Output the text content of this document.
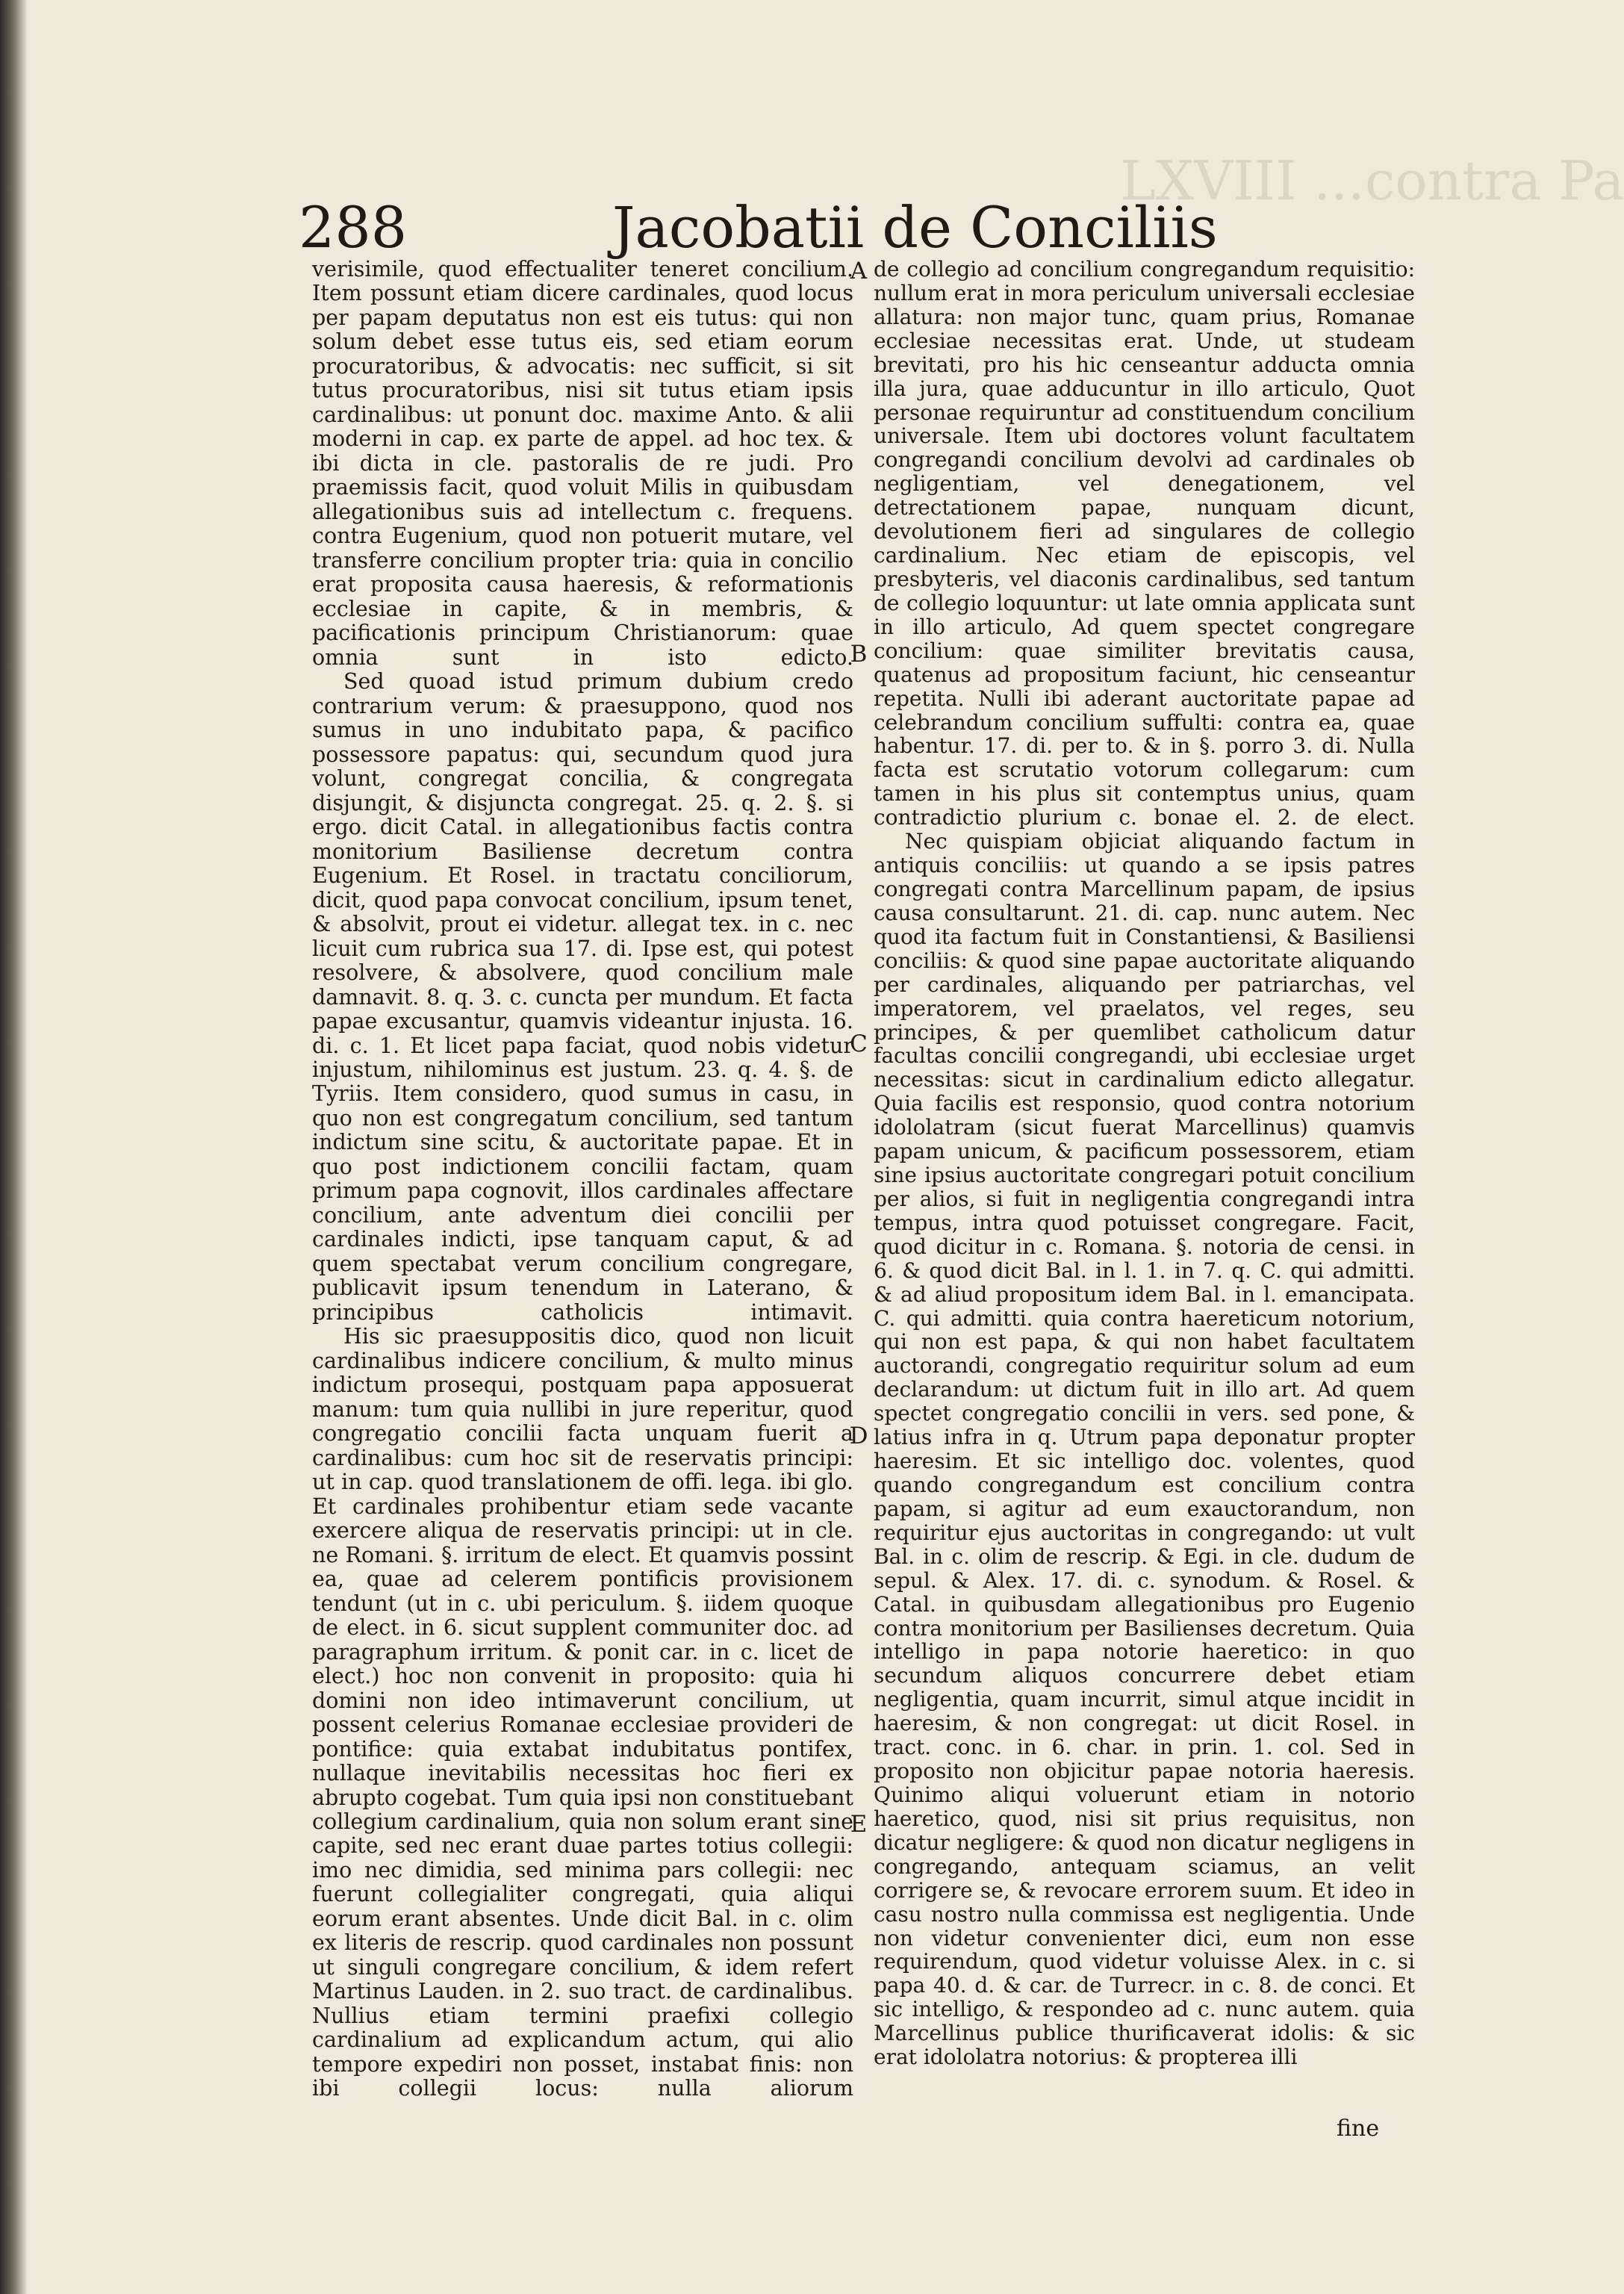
LXVIII ...contra Pa
288	Jacobatii de Conciliis

verisimile, quod effectualiter teneret concilium. Item possunt etiam dicere cardinales, quod locus per papam deputatus non est eis tutus: qui non solum debet esse tutus eis, sed etiam eorum procuratoribus, & advocatis: nec sufficit, si sit tutus procuratoribus, nisi sit tutus etiam ipsis cardinalibus: ut ponunt doc. maxime Anto. & alii moderni in cap. ex parte de appel. ad hoc tex. & ibi dicta in cle. pastoralis de re judi. Pro praemissis facit, quod voluit Milis in quibusdam allegationibus suis ad intellectum c. frequens. contra Eugenium, quod non potuerit mutare, vel transferre concilium propter tria: quia in concilio erat proposita causa haeresis, & reformationis ecclesiae in capite, & in membris, & pacificationis principum Christianorum: quae omnia sunt in isto edicto.

Sed quoad istud primum dubium credo contrarium verum: & praesuppono, quod nos sumus in uno indubitato papa, & pacifico possessore papatus: qui, secundum quod jura volunt, congregat concilia, & congregata disjungit, & disjuncta congregat. 25. q. 2. §. si ergo. dicit Catal. in allegationibus factis contra monitorium Basiliense decretum contra Eugenium. Et Rosel. in tractatu conciliorum, dicit, quod papa convocat concilium, ipsum tenet, & absolvit, prout ei videtur. allegat tex. in c. nec licuit cum rubrica sua 17. di. Ipse est, qui potest resolvere, & absolvere, quod concilium male damnavit. 8. q. 3. c. cuncta per mundum. Et facta papae excusantur, quamvis videantur injusta. 16. di. c. 1. Et licet papa faciat, quod nobis videtur injustum, nihilominus est justum. 23. q. 4. §. de Tyriis. Item considero, quod sumus in casu, in quo non est congregatum concilium, sed tantum indictum sine scitu, & auctoritate papae. Et in quo post indictionem concilii factam, quam primum papa cognovit, illos cardinales affectare concilium, ante adventum diei concilii per cardinales indicti, ipse tanquam caput, & ad quem spectabat verum concilium congregare, publicavit ipsum tenendum in Laterano, & principibus catholicis intimavit.

His sic praesuppositis dico, quod non licuit cardinalibus indicere concilium, & multo minus indictum prosequi, postquam papa apposuerat manum: tum quia nullibi in jure reperitur, quod congregatio concilii facta unquam fuerit a cardinalibus: cum hoc sit de reservatis principi: ut in cap. quod translationem de offi. lega. ibi glo. Et cardinales prohibentur etiam sede vacante exercere aliqua de reservatis principi: ut in cle. ne Romani. §. irritum de elect. Et quamvis possint ea, quae ad celerem pontificis provisionem tendunt (ut in c. ubi periculum. §. iidem quoque de elect. in 6. sicut supplent communiter doc. ad paragraphum irritum. & ponit car. in c. licet de elect.) hoc non convenit in proposito: quia hi domini non ideo intimaverunt concilium, ut possent celerius Romanae ecclesiae provideri de pontifice: quia extabat indubitatus pontifex, nullaque inevitabilis necessitas hoc fieri ex abrupto cogebat. Tum quia ipsi non constituebant collegium cardinalium, quia non solum erant sine capite, sed nec erant duae partes totius collegii: imo nec dimidia, sed minima pars collegii: nec fuerunt collegialiter congregati, quia aliqui eorum erant absentes. Unde dicit Bal. in c. olim ex literis de rescrip. quod cardinales non possunt ut singuli congregare concilium, & idem refert Martinus Lauden. in 2. suo tract. de cardinalibus. Nullius etiam termini praefixi collegio cardinalium ad explicandum actum, qui alio tempore expediri non posset, instabat finis: non ibi collegii locus: nulla aliorum

A
B
C
D
E

de collegio ad concilium congregandum requisitio: nullum erat in mora periculum universali ecclesiae allatura: non major tunc, quam prius, Romanae ecclesiae necessitas erat. Unde, ut studeam brevitati, pro his hic censeantur adducta omnia illa jura, quae adducuntur in illo articulo, Quot personae requiruntur ad constituendum concilium universale. Item ubi doctores volunt facultatem congregandi concilium devolvi ad cardinales ob negligentiam, vel denegationem, vel detrectationem papae, nunquam dicunt, devolutionem fieri ad singulares de collegio cardinalium. Nec etiam de episcopis, vel presbyteris, vel diaconis cardinalibus, sed tantum de collegio loquuntur: ut late omnia applicata sunt in illo articulo, Ad quem spectet congregare concilium: quae similiter brevitatis causa, quatenus ad propositum faciunt, hic censeantur repetita. Nulli ibi aderant auctoritate papae ad celebrandum concilium suffulti: contra ea, quae habentur. 17. di. per to. & in §. porro 3. di. Nulla facta est scrutatio votorum collegarum: cum tamen in his plus sit contemptus unius, quam contradictio plurium c. bonae el. 2. de elect.

Nec quispiam objiciat aliquando factum in antiquis conciliis: ut quando a se ipsis patres congregati contra Marcellinum papam, de ipsius causa consultarunt. 21. di. cap. nunc autem. Nec quod ita factum fuit in Constantiensi, & Basiliensi conciliis: & quod sine papae auctoritate aliquando per cardinales, aliquando per patriarchas, vel imperatorem, vel praelatos, vel reges, seu principes, & per quemlibet catholicum datur facultas concilii congregandi, ubi ecclesiae urget necessitas: sicut in cardinalium edicto allegatur. Quia facilis est responsio, quod contra notorium idololatram (sicut fuerat Marcellinus) quamvis papam unicum, & pacificum possessorem, etiam sine ipsius auctoritate congregari potuit concilium per alios, si fuit in negligentia congregandi intra tempus, intra quod potuisset congregare. Facit, quod dicitur in c. Romana. §. notoria de censi. in 6. & quod dicit Bal. in l. 1. in 7. q. C. qui admitti. & ad aliud propositum idem Bal. in l. emancipata. C. qui admitti. quia contra haereticum notorium, qui non est papa, & qui non habet facultatem auctorandi, congregatio requiritur solum ad eum declarandum: ut dictum fuit in illo art. Ad quem spectet congregatio concilii in vers. sed pone, & latius infra in q. Utrum papa deponatur propter haeresim. Et sic intelligo doc. volentes, quod quando congregandum est concilium contra papam, si agitur ad eum exauctorandum, non requiritur ejus auctoritas in congregando: ut vult Bal. in c. olim de rescrip. & Egi. in cle. dudum de sepul. & Alex. 17. di. c. synodum. & Rosel. & Catal. in quibusdam allegationibus pro Eugenio contra monitorium per Basilienses decretum. Quia intelligo in papa notorie haeretico: in quo secundum aliquos concurrere debet etiam negligentia, quam incurrit, simul atque incidit in haeresim, & non congregat: ut dicit Rosel. in tract. conc. in 6. char. in prin. 1. col. Sed in proposito non objicitur papae notoria haeresis. Quinimo aliqui voluerunt etiam in notorio haeretico, quod, nisi sit prius requisitus, non dicatur negligere: & quod non dicatur negligens in congregando, antequam sciamus, an velit corrigere se, & revocare errorem suum. Et ideo in casu nostro nulla commissa est negligentia. Unde non videtur convenienter dici, eum non esse requirendum, quod videtur voluisse Alex. in c. si papa 40. d. & car. de Turrecr. in c. 8. de conci. Et sic intelligo, & respondeo ad c. nunc autem. quia Marcellinus publice thurificaverat idolis: & sic erat idololatra notorius: & propterea illi

fine
